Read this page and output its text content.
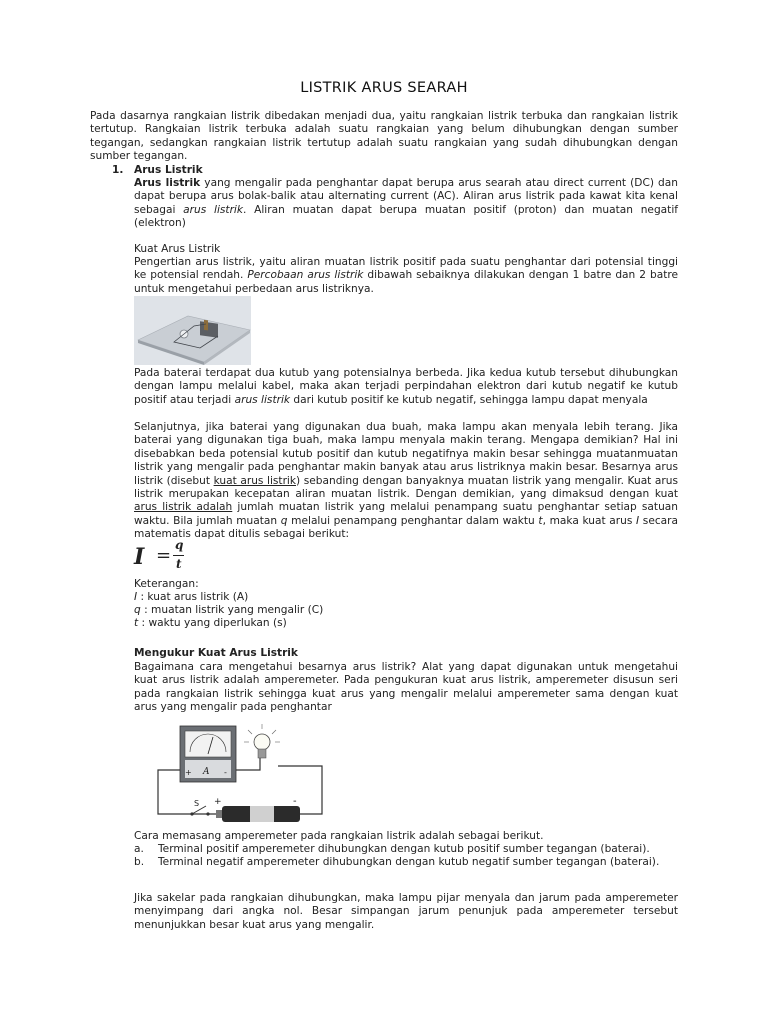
LISTRIK ARUS SEARAH
Pada dasarnya rangkaian listrik dibedakan menjadi dua, yaitu rangkaian listrik terbuka dan rangkaian listrik tertutup. Rangkaian listrik terbuka adalah suatu rangkaian yang belum dihubungkan dengan sumber tegangan, sedangkan rangkaian listrik tertutup adalah suatu rangkaian yang sudah dihubungkan dengan sumber tegangan.
1. Arus Listrik
Arus listrik yang mengalir pada penghantar dapat berupa arus searah atau direct current (DC) dan dapat berupa arus bolak-balik atau alternating current (AC). Aliran arus listrik pada kawat kita kenal sebagai arus listrik. Aliran muatan dapat berupa muatan positif (proton) dan muatan negatif (elektron)
Kuat Arus Listrik
Pengertian arus listrik, yaitu aliran muatan listrik positif pada suatu penghantar dari potensial tinggi ke potensial rendah. Percobaan arus listrik dibawah sebaiknya dilakukan dengan 1 batre dan 2 batre untuk mengetahui perbedaan arus listriknya.
Pada baterai terdapat dua kutub yang potensialnya berbeda. Jika kedua kutub tersebut dihubungkan dengan lampu melalui kabel, maka akan terjadi perpindahan elektron dari kutub negatif ke kutub positif atau terjadi arus listrik dari kutub positif ke kutub negatif, sehingga lampu dapat menyala
Selanjutnya, jika baterai yang digunakan dua buah, maka lampu akan menyala lebih terang. Jika baterai yang digunakan tiga buah, maka lampu menyala makin terang. Mengapa demikian? Hal ini disebabkan beda potensial kutub positif dan kutub negatifnya makin besar sehingga muatanmuatan listrik yang mengalir pada penghantar makin banyak atau arus listriknya makin besar. Besarnya arus listrik (disebut kuat arus listrik) sebanding dengan banyaknya muatan listrik yang mengalir. Kuat arus listrik merupakan kecepatan aliran muatan listrik. Dengan demikian, yang dimaksud dengan kuat arus listrik adalah jumlah muatan listrik yang melalui penampang suatu penghantar setiap satuan waktu. Bila jumlah muatan q melalui penampang penghantar dalam waktu t, maka kuat arus I secara matematis dapat ditulis sebagai berikut:
I = q
t
Keterangan:
I : kuat arus listrik (A)
q : muatan listrik yang mengalir (C)
t : waktu yang diperlukan (s)
Mengukur Kuat Arus Listrik
Bagaimana cara mengetahui besarnya arus listrik? Alat yang dapat digunakan untuk mengetahui kuat arus listrik adalah amperemeter. Pada pengukuran kuat arus listrik, amperemeter disusun seri pada rangkaian listrik sehingga kuat arus yang mengalir melalui amperemeter sama dengan kuat arus yang mengalir pada penghantar
A
+	-
S +	-
Cara memasang amperemeter pada rangkaian listrik adalah sebagai berikut.
a.	Terminal positif amperemeter dihubungkan dengan kutub positif sumber tegangan (baterai).
b.	Terminal negatif amperemeter dihubungkan dengan kutub negatif sumber tegangan (baterai).
Jika sakelar pada rangkaian dihubungkan, maka lampu pijar menyala dan jarum pada amperemeter menyimpang dari angka nol. Besar simpangan jarum penunjuk pada amperemeter tersebut menunjukkan besar kuat arus yang mengalir.
